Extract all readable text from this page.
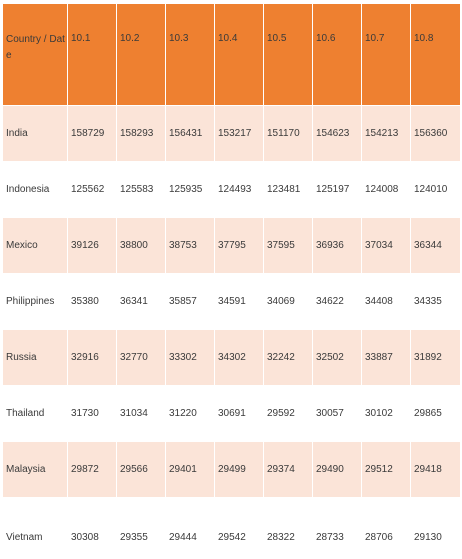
Country / Date	10.1	10.2	10.3	10.4	10.5	10.6	10.7	10.8
India	158729	158293	156431	153217	151170	154623	154213	156360
Indonesia	125562	125583	125935	124493	123481	125197	124008	124010
Mexico	39126	38800	38753	37795	37595	36936	37034	36344
Philippines	35380	36341	35857	34591	34069	34622	34408	34335
Russia	32916	32770	33302	34302	32242	32502	33887	31892
Thailand	31730	31034	31220	30691	29592	30057	30102	29865
Malaysia	29872	29566	29401	29499	29374	29490	29512	29418
Vietnam	30308	29355	29444	29542	28322	28733	28706	29130
